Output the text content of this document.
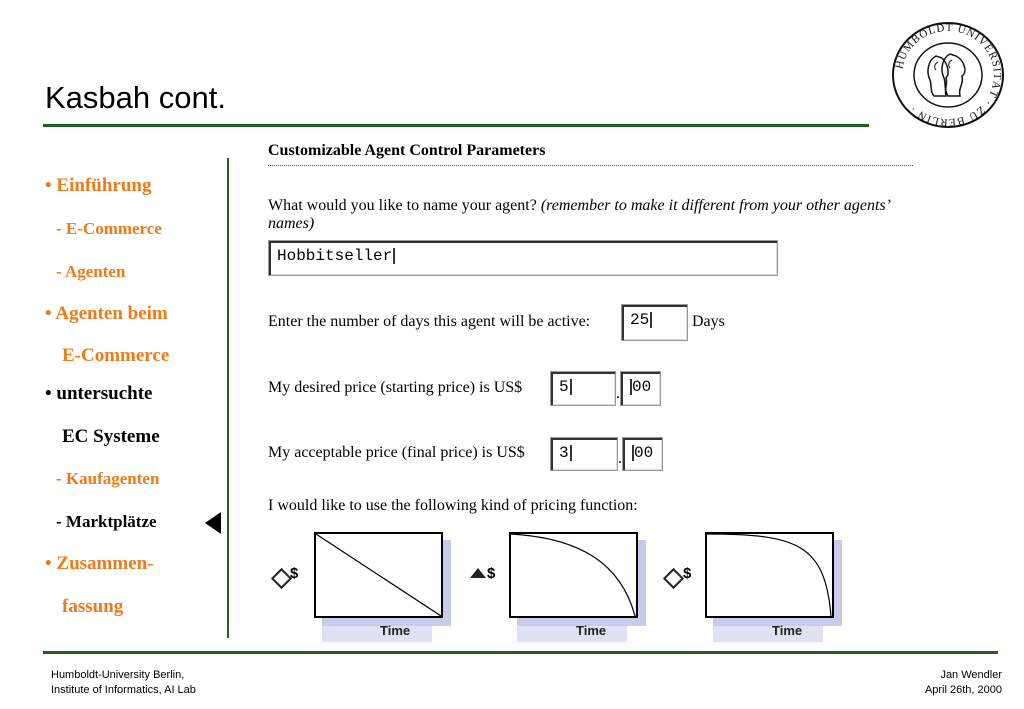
Kasbah cont.
HUMBOLDT UNIVERSITÄT · ZU BERLIN ·
• Einführung
- E-Commerce
- Agenten
• Agenten beim
E-Commerce
• untersuchte
EC Systeme
- Kaufagenten
- Marktplätze
• Zusammen-
fassung
Customizable Agent Control Parameters
What would you like to name your agent? (remember to make it different from your other agents’ names)
Hobbitseller
Enter the number of days this agent will be active:	25	Days
My desired price (starting price) is US$	5	. 00
My acceptable price (final price) is US$	3	. 00
I would like to use the following kind of pricing function:
$
Time
$
Time
$
Time
Humboldt-University Berlin,
Institute of Informatics, AI Lab
Jan Wendler
April 26th, 2000
